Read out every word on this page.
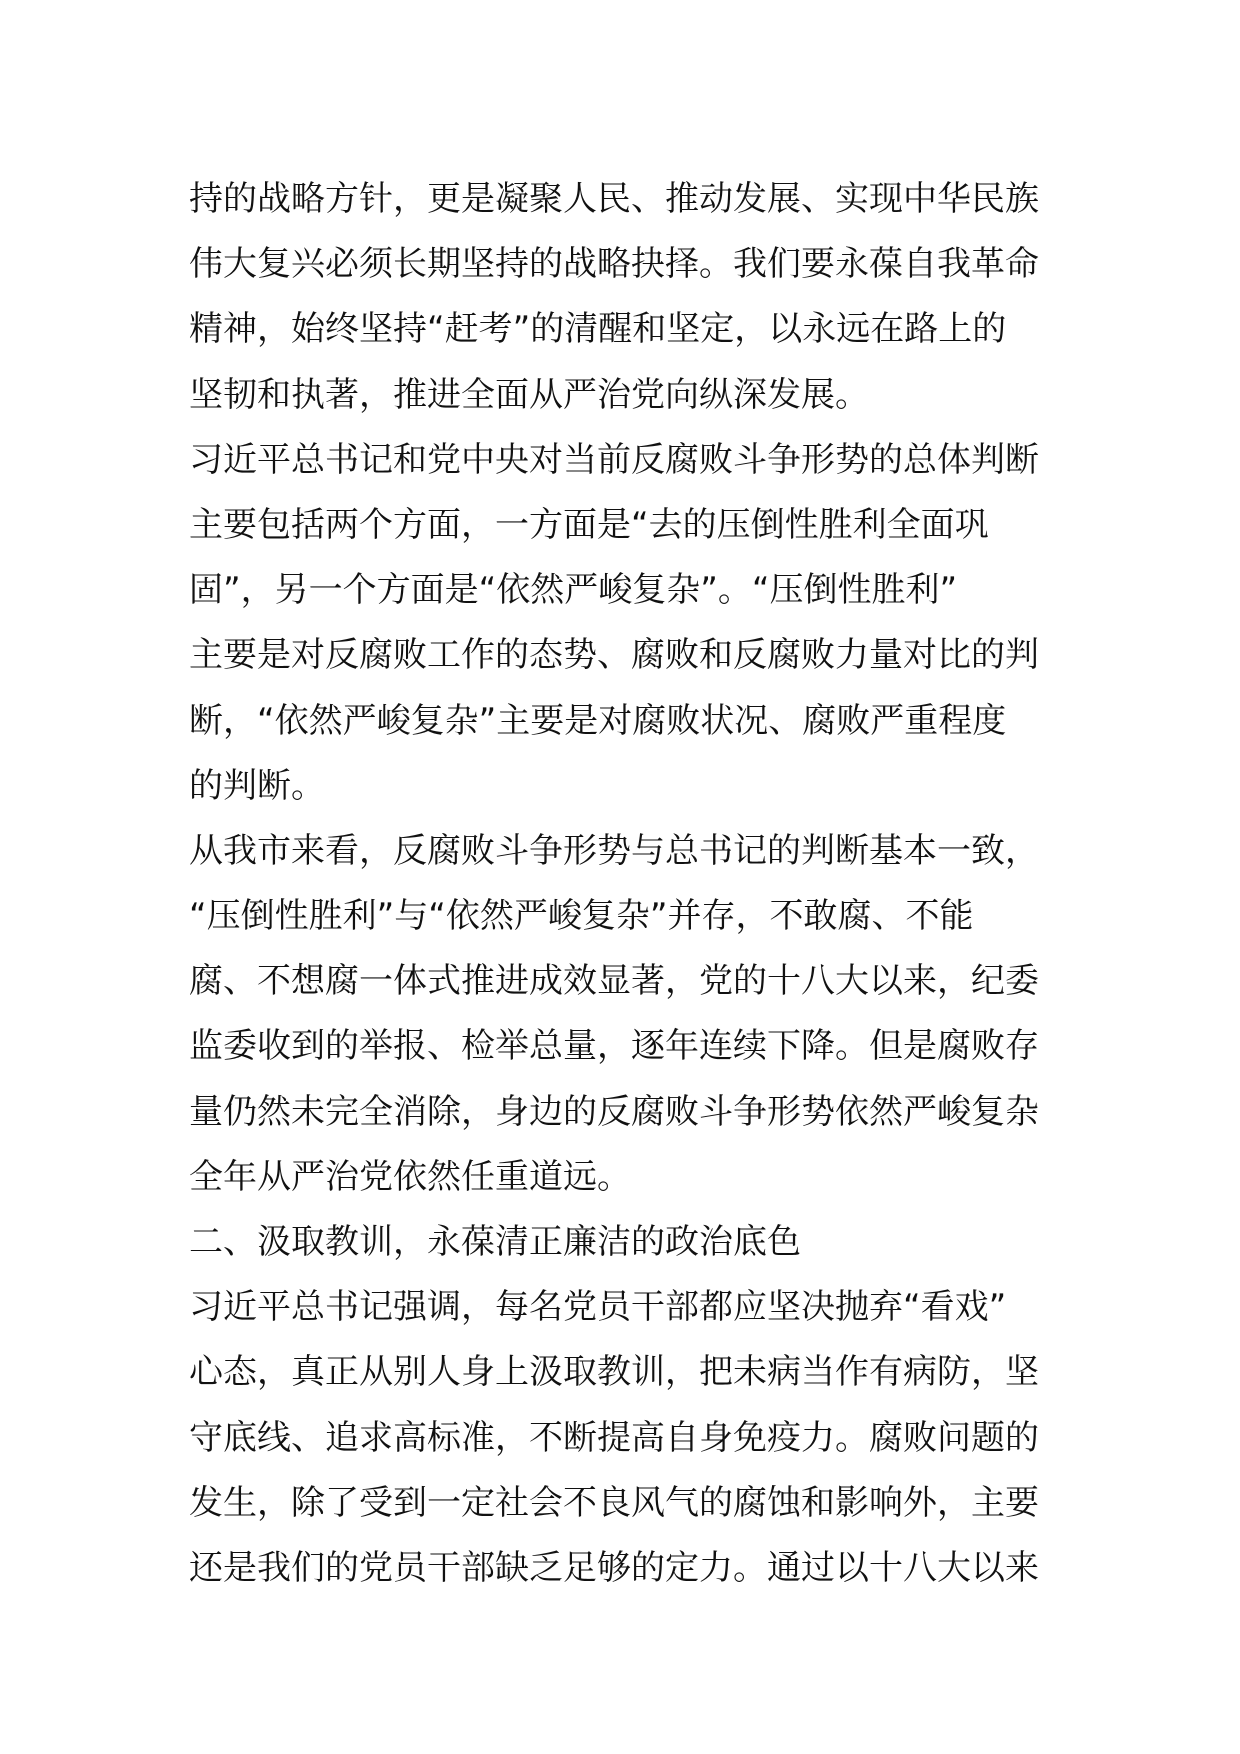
持的战略方针，更是凝聚人民、推动发展、实现中华民族
伟大复兴必须长期坚持的战略抉择。我们要永葆自我革命
精神，始终坚持“赶考”的清醒和坚定，以永远在路上的
坚韧和执著，推进全面从严治党向纵深发展。
习近平总书记和党中央对当前反腐败斗争形势的总体判断
主要包括两个方面，一方面是“去的压倒性胜利全面巩
固”，另一个方面是“依然严峻复杂”。“压倒性胜利”
主要是对反腐败工作的态势、腐败和反腐败力量对比的判
断，“依然严峻复杂”主要是对腐败状况、腐败严重程度
的判断。
从我市来看，反腐败斗争形势与总书记的判断基本一致，
“压倒性胜利”与“依然严峻复杂”并存，不敢腐、不能
腐、不想腐一体式推进成效显著，党的十八大以来，纪委
监委收到的举报、检举总量，逐年连续下降。但是腐败存
量仍然未完全消除，身边的反腐败斗争形势依然严峻复杂
全年从严治党依然任重道远。
二、汲取教训，永葆清正廉洁的政治底色
习近平总书记强调，每名党员干部都应坚决抛弃“看戏”
心态，真正从别人身上汲取教训，把未病当作有病防，坚
守底线、追求高标准，不断提高自身免疫力。腐败问题的
发生，除了受到一定社会不良风气的腐蚀和影响外，主要
还是我们的党员干部缺乏足够的定力。通过以十八大以来
